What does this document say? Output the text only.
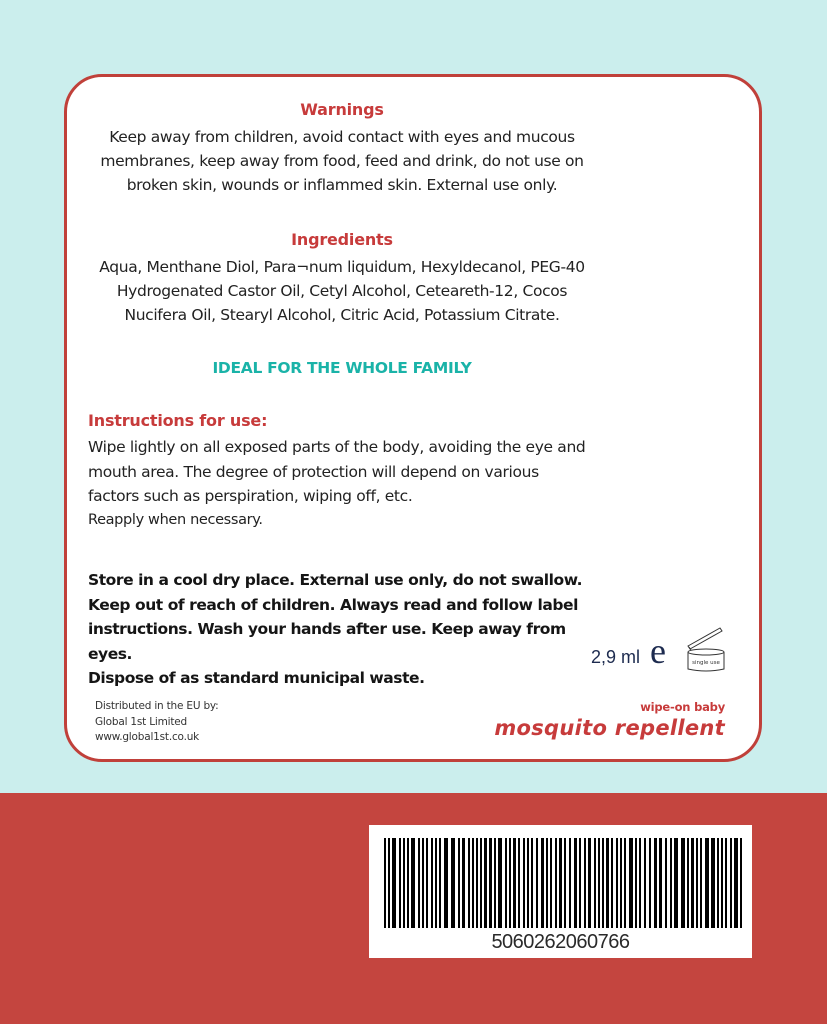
Warnings
Keep away from children, avoid contact with eyes and mucous
membranes, keep away from food, feed and drink, do not use on
broken skin, wounds or inflammed skin. External use only.
Ingredients
Aqua, Menthane Diol, Para¬num liquidum, Hexyldecanol, PEG-40
Hydrogenated Castor Oil, Cetyl Alcohol, Ceteareth-12, Cocos
Nucifera Oil, Stearyl Alcohol, Citric Acid, Potassium Citrate.
IDEAL FOR THE WHOLE FAMILY
Instructions for use:
Wipe lightly on all exposed parts of the body, avoiding the eye and
mouth area. The degree of protection will depend on various
factors such as perspiration, wiping off, etc.
Reapply when necessary.
Store in a cool dry place. External use only, do not swallow.
Keep out of reach of children. Always read and follow label
instructions. Wash your hands after use. Keep away from eyes.
Dispose of as standard municipal waste.
2,9 ml e	single use
Distributed in the EU by:
Global 1st Limited
www.global1st.co.uk
wipe-on baby
mosquito repellent
5060262060766
